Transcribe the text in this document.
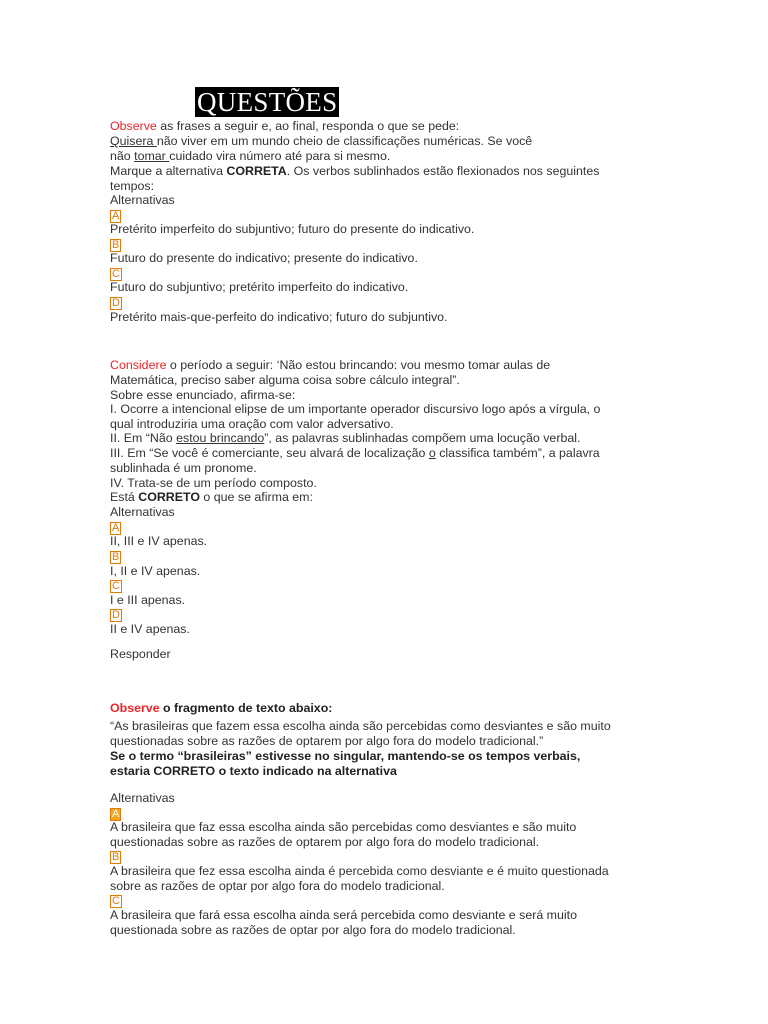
QUESTÕES
Observe as frases a seguir e, ao final, responda o que se pede:
Quisera não viver em um mundo cheio de classificações numéricas. Se você
não tomar cuidado vira número até para si mesmo.
Marque a alternativa CORRETA. Os verbos sublinhados estão flexionados nos seguintes
tempos:
Alternativas
A
Pretérito imperfeito do subjuntivo; futuro do presente do indicativo.
B
Futuro do presente do indicativo; presente do indicativo.
C
Futuro do subjuntivo; pretérito imperfeito do indicativo.
D
Pretérito mais-que-perfeito do indicativo; futuro do subjuntivo.
Considere o período a seguir: ‘Não estou brincando: vou mesmo tomar aulas de
Matemática, preciso saber alguma coisa sobre cálculo integral”.
Sobre esse enunciado, afirma-se:
I. Ocorre a intencional elipse de um importante operador discursivo logo após a vírgula, o
qual introduziria uma oração com valor adversativo.
II. Em “Não estou brincando”, as palavras sublinhadas compõem uma locução verbal.
III. Em “Se você é comerciante, seu alvará de localização o classifica também”, a palavra
sublinhada é um pronome.
IV. Trata-se de um período composto.
Está CORRETO o que se afirma em:
Alternativas
A
II, III e IV apenas.
B
I, II e IV apenas.
C
I e III apenas.
D
II e IV apenas.
Responder
Observe o fragmento de texto abaixo:
“As brasileiras que fazem essa escolha ainda são percebidas como desviantes e são muito
questionadas sobre as razões de optarem por algo fora do modelo tradicional.”
Se o termo “brasileiras” estivesse no singular, mantendo-se os tempos verbais,
estaria CORRETO o texto indicado na alternativa
Alternativas
A
A brasileira que faz essa escolha ainda são percebidas como desviantes e são muito
questionadas sobre as razões de optarem por algo fora do modelo tradicional.
B
A brasileira que fez essa escolha ainda é percebida como desviante e é muito questionada
sobre as razões de optar por algo fora do modelo tradicional.
C
A brasileira que fará essa escolha ainda será percebida como desviante e será muito
questionada sobre as razões de optar por algo fora do modelo tradicional.
